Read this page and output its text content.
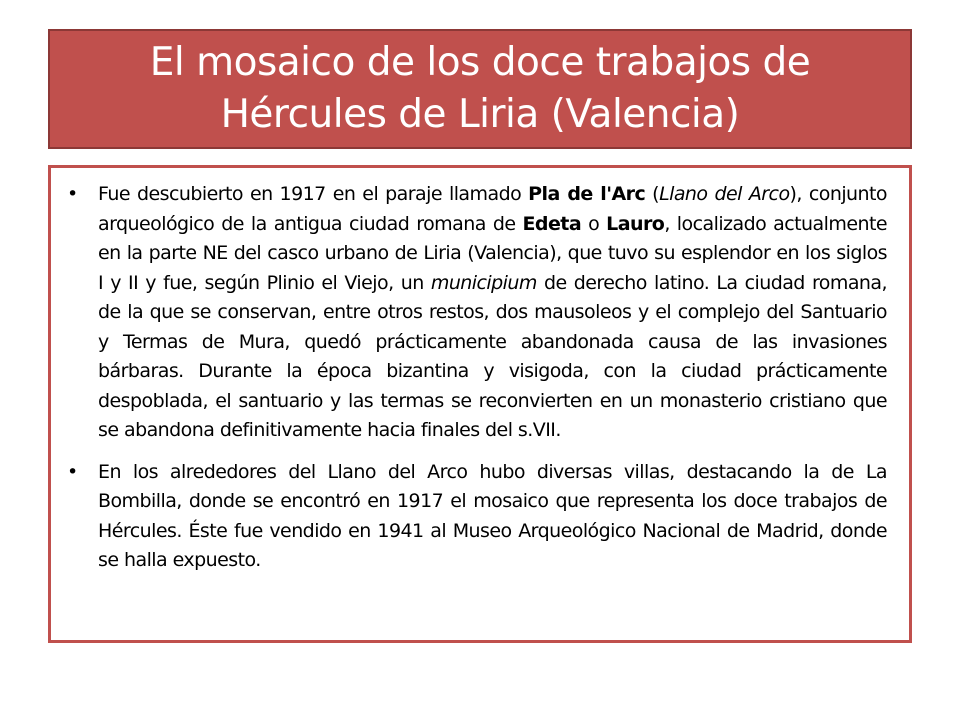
El mosaico de los doce trabajos de
Hércules de Liria (Valencia)
• Fue descubierto en 1917 en el paraje llamado Pla de l'Arc (Llano del Arco), conjunto arqueológico de la antigua ciudad romana de Edeta o Lauro, localizado actualmente en la parte NE del casco urbano de Liria (Valencia), que tuvo su esplendor en los siglos I y II y fue, según Plinio el Viejo, un municipium de derecho latino. La ciudad romana, de la que se conservan, entre otros restos, dos mausoleos y el complejo del Santuario y Termas de Mura, quedó prácticamente abandonada causa de las invasiones bárbaras. Durante la época bizantina y visigoda, con la ciudad prácticamente despoblada, el santuario y las termas se reconvierten en un monasterio cristiano que se abandona definitivamente hacia finales del s.VII.
• En los alrededores del Llano del Arco hubo diversas villas, destacando la de La Bombilla, donde se encontró en 1917 el mosaico que representa los doce trabajos de Hércules. Éste fue vendido en 1941 al Museo Arqueológico Nacional de Madrid, donde se halla expuesto.
